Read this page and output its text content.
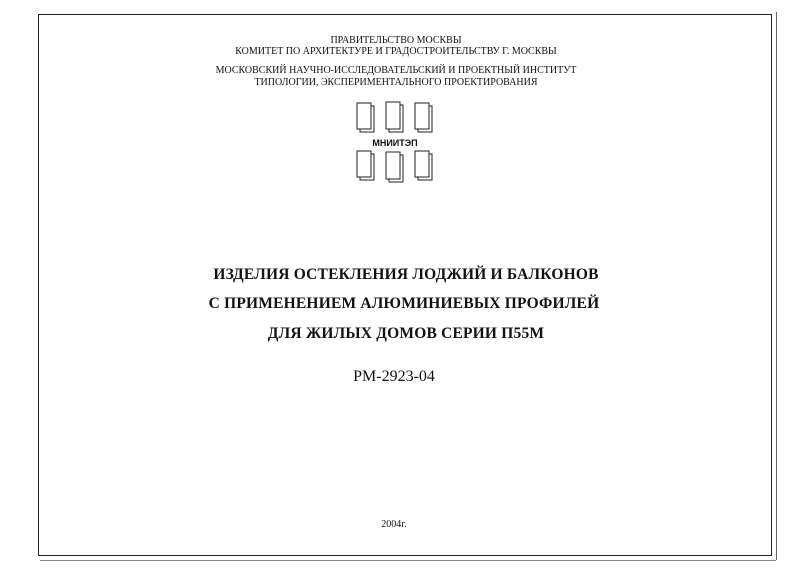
ПРАВИТЕЛЬСТВО МОСКВЫ
КОМИТЕТ ПО АРХИТЕКТУРЕ И ГРАДОСТРОИТЕЛЬСТВУ Г. МОСКВЫ
МОСКОВСКИЙ НАУЧНО-ИССЛЕДОВАТЕЛЬСКИЙ И ПРОЕКТНЫЙ ИНСТИТУТ
ТИПОЛОГИИ, ЭКСПЕРИМЕНТАЛЬНОГО ПРОЕКТИРОВАНИЯ
МНИИТЭП
ИЗДЕЛИЯ ОСТЕКЛЕНИЯ ЛОДЖИЙ И БАЛКОНОВ
С ПРИМЕНЕНИЕМ АЛЮМИНИЕВЫХ ПРОФИЛЕЙ
ДЛЯ ЖИЛЫХ ДОМОВ СЕРИИ П55М
РМ-2923-04
2004г.
